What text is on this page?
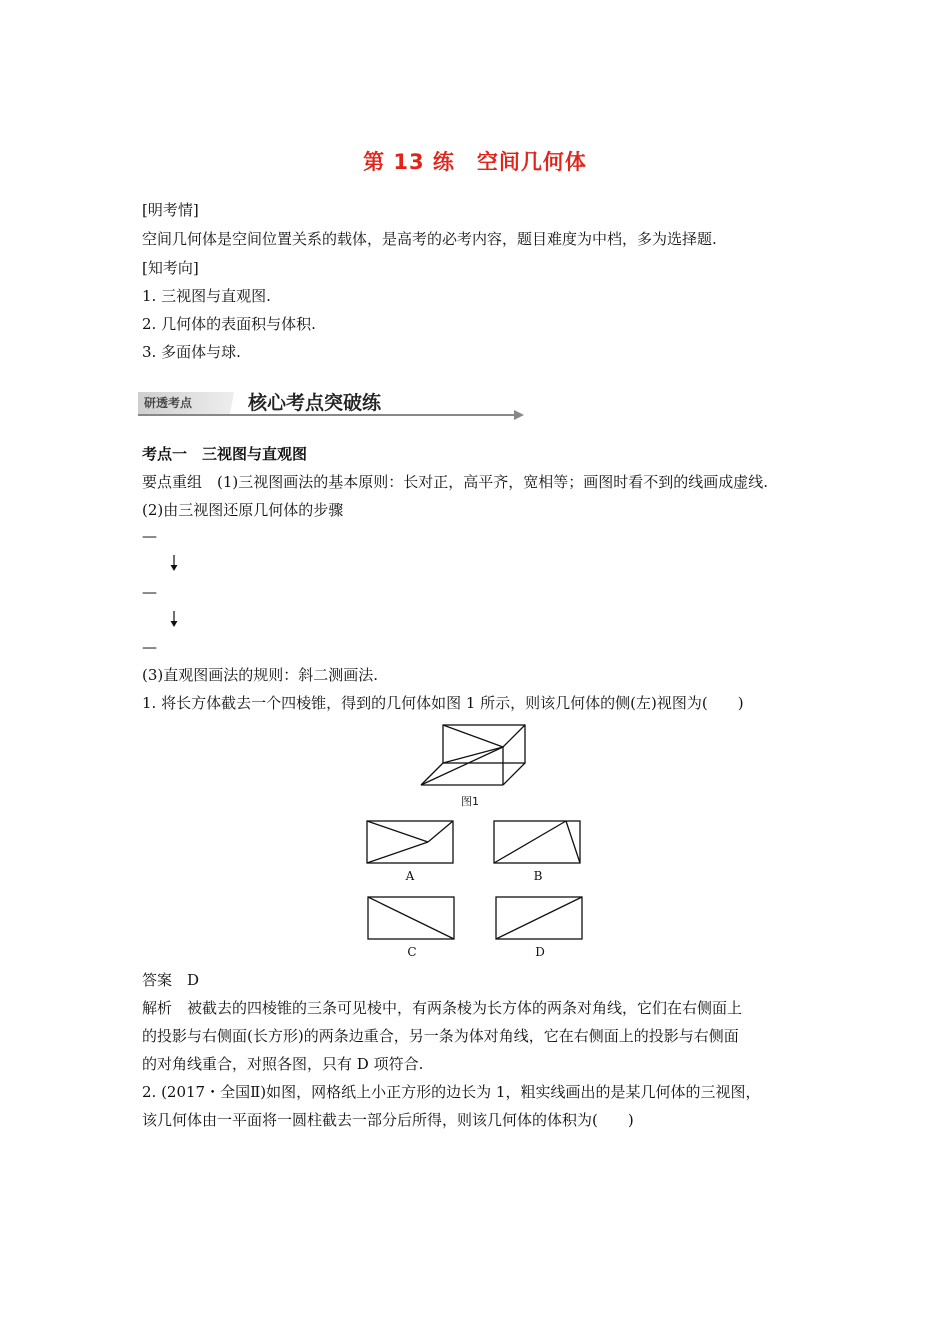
第 13 练　空间几何体
[明考情]
空间几何体是空间位置关系的载体，是高考的必考内容，题目难度为中档，多为选择题.
[知考向]
1. 三视图与直观图.
2. 几何体的表面积与体积.
3. 多面体与球.
研透考点	核心考点突破练
考点一　三视图与直观图
要点重组　(1)三视图画法的基本原则：长对正，高平齐，宽相等；画图时看不到的线画成虚线.
(2)由三视图还原几何体的步骤
—
—
—
(3)直观图画法的规则：斜二测画法.
1. 将长方体截去一个四棱锥，得到的几何体如图 1 所示，则该几何体的侧(左)视图为(　　)
图1
A	B
C	D
答案　D
解析　被截去的四棱锥的三条可见棱中，有两条棱为长方体的两条对角线，它们在右侧面上
的投影与右侧面(长方形)的两条边重合，另一条为体对角线，它在右侧面上的投影与右侧面
的对角线重合，对照各图，只有 D 项符合.
2. (2017・全国Ⅱ)如图，网格纸上小正方形的边长为 1，粗实线画出的是某几何体的三视图，
该几何体由一平面将一圆柱截去一部分后所得，则该几何体的体积为(　　)
